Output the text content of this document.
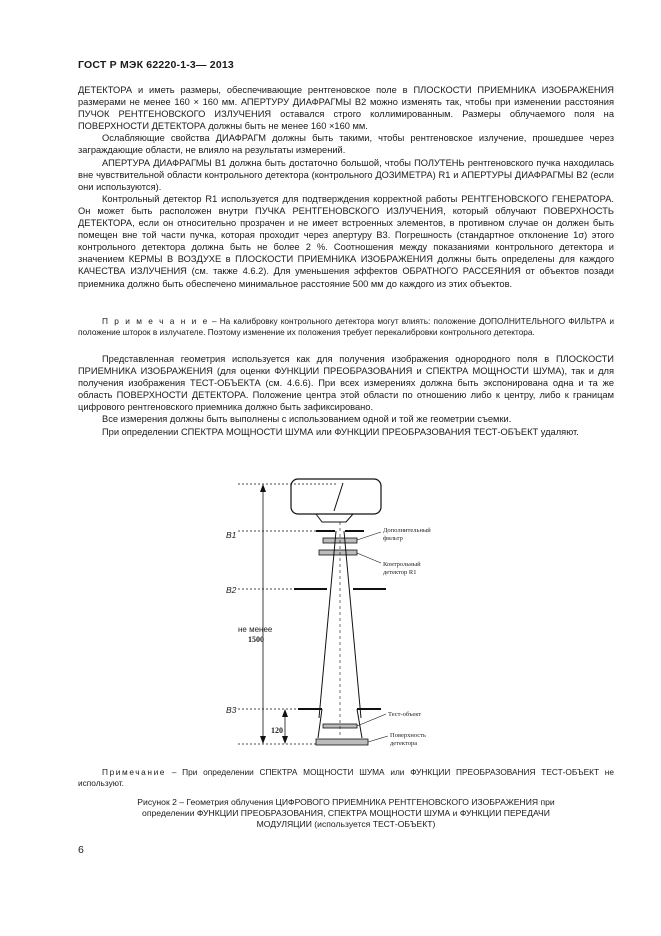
ГОСТ Р МЭК 62220-1-3— 2013

ДЕТЕКТОРА и иметь размеры, обеспечивающие рентгеновское поле в ПЛОСКОСТИ ПРИЕМНИКА ИЗОБРАЖЕНИЯ размерами не менее 160 × 160 мм. АПЕРТУРУ ДИАФРАГМЫ B2 можно изменять так, чтобы при изменении расстояния ПУЧОК РЕНТГЕНОВСКОГО ИЗЛУЧЕНИЯ оставался строго коллимированным. Размеры облучаемого поля на ПОВЕРХНОСТИ ДЕТЕКТОРА должны быть не менее 160 ×160 мм.

Ослабляющие свойства ДИАФРАГМ должны быть такими, чтобы рентгеновское излучение, прошедшее через заграждающие области, не влияло на результаты измерений.

АПЕРТУРА ДИАФРАГМЫ B1 должна быть достаточно большой, чтобы ПОЛУТЕНЬ рентгеновского пучка находилась вне чувствительной области контрольного детектора (контрольного ДОЗИМЕТРА) R1 и АПЕРТУРЫ ДИАФРАГМЫ B2 (если они используются).

Контрольный детектор R1 используется для подтверждения корректной работы РЕНТГЕНОВСКОГО ГЕНЕРАТОРА. Он может быть расположен внутри ПУЧКА РЕНТГЕНОВСКОГО ИЗЛУЧЕНИЯ, который облучают ПОВЕРХНОСТЬ ДЕТЕКТОРА, если он относительно прозрачен и не имеет встроенных элементов, в противном случае он должен быть помещен вне той части пучка, которая проходит через апертуру B3. Погрешность (стандартное отклонение 1σ) этого контрольного детектора должна быть не более 2 %. Соотношения между показаниями контрольного детектора и значением КЕРМЫ В ВОЗДУХЕ в ПЛОСКОСТИ ПРИЕМНИКА ИЗОБРАЖЕНИЯ должны быть определены для каждого КАЧЕСТВА ИЗЛУЧЕНИЯ (см. также 4.6.2). Для уменьшения эффектов ОБРАТНОГО РАССЕЯНИЯ от объектов позади приемника должно быть обеспечено минимальное расстояние 500 мм до каждого из этих объектов.

П р и м е ч а н и е – На калибровку контрольного детектора могут влиять: положение ДОПОЛНИТЕЛЬНОГО ФИЛЬТРА и положение шторок в излучателе. Поэтому изменение их положения требует перекалибровки контрольного детектора.

Представленная геометрия используется как для получения изображения однородного поля в ПЛОСКОСТИ ПРИЕМНИКА ИЗОБРАЖЕНИЯ (для оценки ФУНКЦИИ ПРЕОБРАЗОВАНИЯ и СПЕКТРА МОЩНОСТИ ШУМА), так и для получения изображения ТЕСТ-ОБЪЕКТА (см. 4.6.6). При всех измерениях должна быть экспонирована одна и та же область ПОВЕРХНОСТИ ДЕТЕКТОРА. Положение центра этой области по отношению либо к центру, либо к границам цифрового рентгеновского приемника должно быть зафиксировано.

Все измерения должны быть выполнены с использованием одной и той же геометрии съемки.

При определении СПЕКТРА МОЩНОСТИ ШУМА или ФУНКЦИИ ПРЕОБРАЗОВАНИЯ ТЕСТ-ОБЪЕКТ удаляют.

B1
B2
B3
не менее
1500
120
Дополнительный
фильтр
Контрольный
детектор R1
Тест-объект
Поверхность
детектора

Примечание – При определении СПЕКТРА МОЩНОСТИ ШУМА или ФУНКЦИИ ПРЕОБРАЗОВАНИЯ ТЕСТ-ОБЪЕКТ не используют.

Рисунок 2 – Геометрия облучения ЦИФРОВОГО ПРИЕМНИКА РЕНТГЕНОВСКОГО ИЗОБРАЖЕНИЯ при
определении ФУНКЦИИ ПРЕОБРАЗОВАНИЯ, СПЕКТРА МОЩНОСТИ ШУМА и ФУНКЦИИ ПЕРЕДАЧИ
МОДУЛЯЦИИ (используется ТЕСТ-ОБЪЕКТ)
6
